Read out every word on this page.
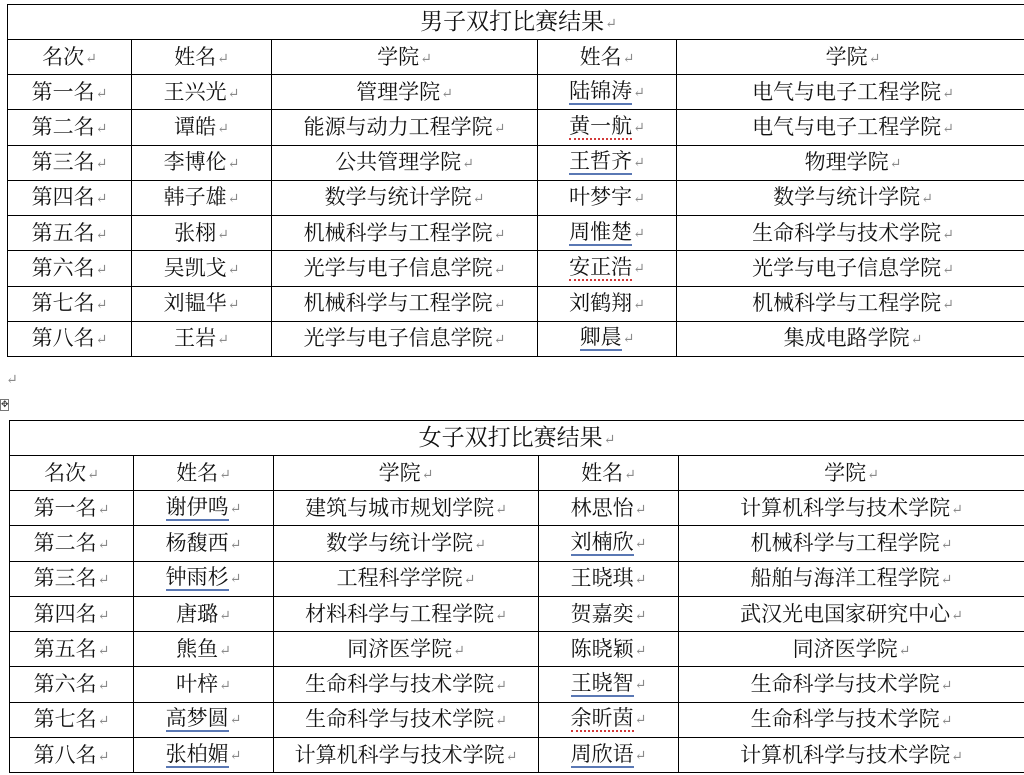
男子双打比赛结果↵				
名次↵	姓名↵	学院↵	姓名↵	学院↵
第一名↵	王兴光↵	管理学院↵	陆锦涛↵	电气与电子工程学院↵
第二名↵	谭皓↵	能源与动力工程学院↵	黄一航↵	电气与电子工程学院↵
第三名↵	李博伦↵	公共管理学院↵	王哲齐↵	物理学院↵
第四名↵	韩子雄↵	数学与统计学院↵	叶梦宇↵	数学与统计学院↵
第五名↵	张栩↵	机械科学与工程学院↵	周惟楚↵	生命科学与技术学院↵
第六名↵	吴凯戈↵	光学与电子信息学院↵	安正浩↵	光学与电子信息学院↵
第七名↵	刘韫华↵	机械科学与工程学院↵	刘鹤翔↵	机械科学与工程学院↵
第八名↵	王岩↵	光学与电子信息学院↵	卿晨↵	集成电路学院↵
↵
✥
女子双打比赛结果↵				
名次↵	姓名↵	学院↵	姓名↵	学院↵
第一名↵	谢伊鸣↵	建筑与城市规划学院↵	林思怡↵	计算机科学与技术学院↵
第二名↵	杨馥西↵	数学与统计学院↵	刘楠欣↵	机械科学与工程学院↵
第三名↵	钟雨杉↵	工程科学学院↵	王晓琪↵	船舶与海洋工程学院↵
第四名↵	唐璐↵	材料科学与工程学院↵	贺嘉奕↵	武汉光电国家研究中心↵
第五名↵	熊鱼↵	同济医学院↵	陈晓颖↵	同济医学院↵
第六名↵	叶梓↵	生命科学与技术学院↵	王晓智↵	生命科学与技术学院↵
第七名↵	高梦圆↵	生命科学与技术学院↵	余昕茵↵	生命科学与技术学院↵
第八名↵	张柏媚↵	计算机科学与技术学院↵	周欣语↵	计算机科学与技术学院↵
